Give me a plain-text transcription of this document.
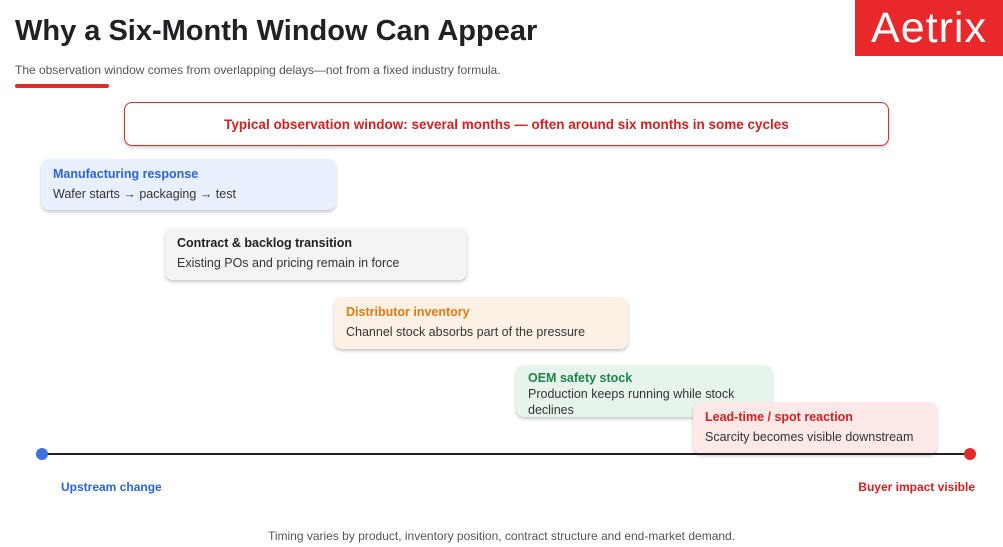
Why a Six-Month Window Can Appear
The observation window comes from overlapping delays—not from a fixed industry formula.
Aetrix
Typical observation window: several months — often around six months in some cycles
Manufacturing response
Wafer starts → packaging → test
Contract & backlog transition
Existing POs and pricing remain in force
Distributor inventory
Channel stock absorbs part of the pressure
OEM safety stock
Production keeps running while stock declines
Lead-time / spot reaction
Scarcity becomes visible downstream
Upstream change	Buyer impact visible
Timing varies by product, inventory position, contract structure and end-market demand.
